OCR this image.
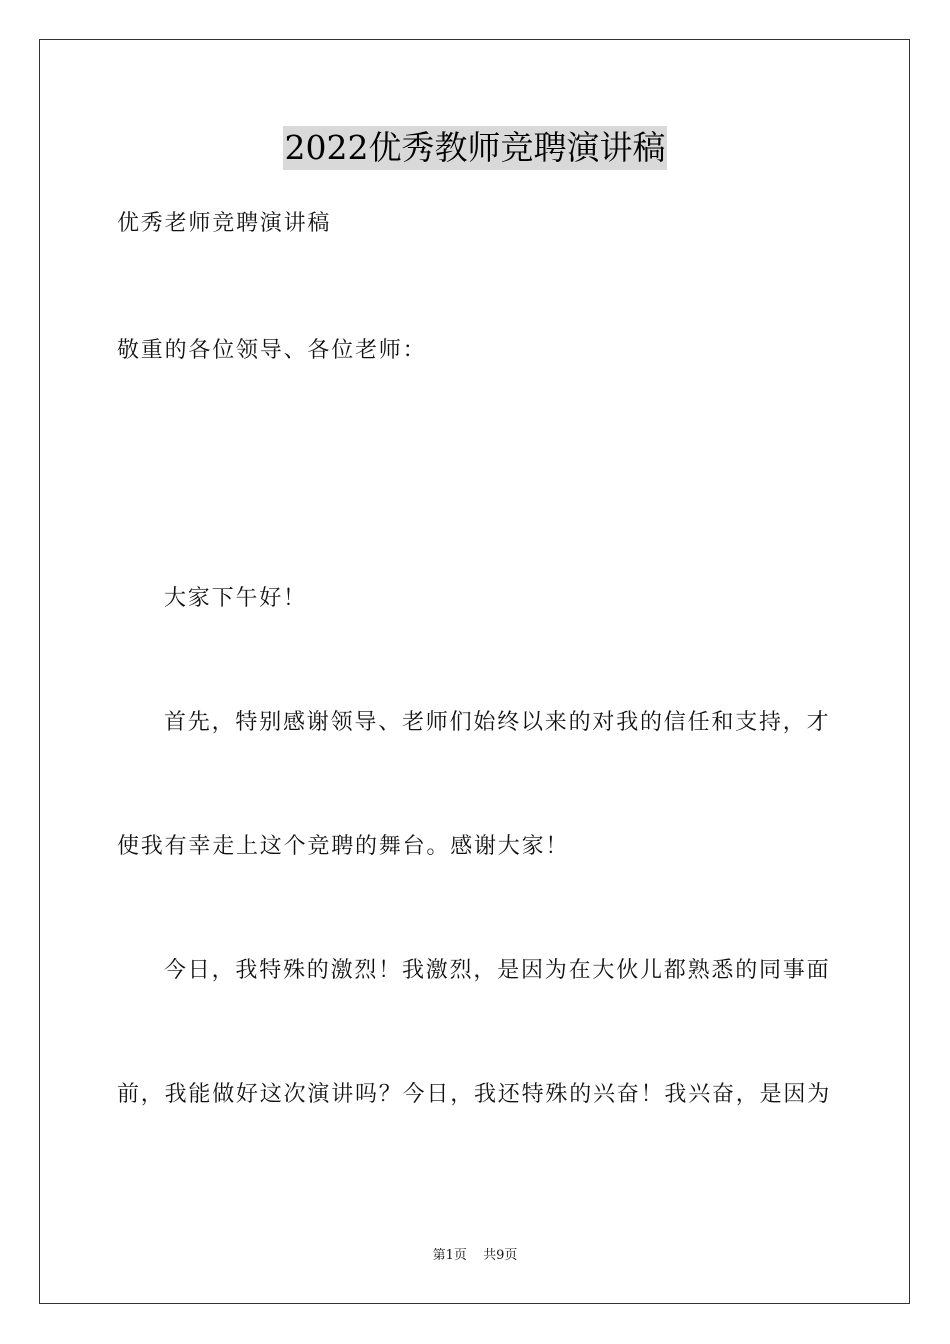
2022优秀教师竞聘演讲稿
优秀老师竞聘演讲稿
敬重的各位领导、各位老师：
大家下午好！
首先，特别感谢领导、老师们始终以来的对我的信任和支持，才
使我有幸走上这个竞聘的舞台。感谢大家！
今日，我特殊的激烈！我激烈，是因为在大伙儿都熟悉的同事面
前，我能做好这次演讲吗？今日，我还特殊的兴奋！我兴奋，是因为
第1页 共9页
